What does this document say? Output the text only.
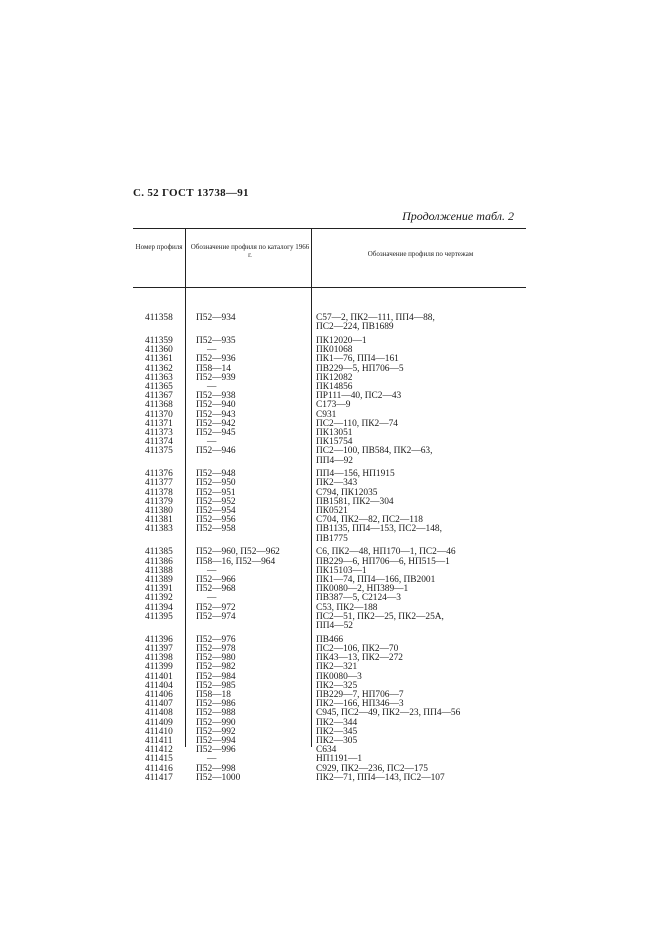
С. 52 ГОСТ 13738—91
Продолжение табл. 2
Номер профиля	Обозначение профиля по каталогу 1966 г.	Обозначение профиля по чертежам
411358	П52—934	С57—2, ПК2—111, ПП4—88,
ПС2—224, ПВ1689
411359	П52—935	ПК12020—1
411360	—	ПК01068
411361	П52—936	ПК1—76, ПП4—161
411362	П58—14	ПВ229—5, НП706—5
411363	П52—939	ПК12082
411365	—	ПК14856
411367	П52—938	ПР111—40, ПС2—43
411368	П52—940	С173—9
411370	П52—943	С931
411371	П52—942	ПС2—110, ПК2—74
411373	П52—945	ПК13051
411374	—	ПК15754
411375	П52—946	ПС2—100, ПВ584, ПК2—63,
ПП4—92
411376	П52—948	ПП4—156, НП1915
411377	П52—950	ПК2—343
411378	П52—951	С794, ПК12035
411379	П52—952	ПВ1581, ПК2—304
411380	П52—954	ПК0521
411381	П52—956	С704, ПК2—82, ПС2—118
411383	П52—958	ПВ1135, ПП4—153, ПС2—148,
ПВ1775
411385	П52—960, П52—962	С6, ПК2—48, НП170—1, ПС2—46
411386	П58—16, П52—964	ПВ229—6, НП706—6, НП515—1
411388	—	ПК15103—1
411389	П52—966	ПК1—74, ПП4—166, ПВ2001
411391	П52—968	ПК0080—2, НП389—1
411392	—	ПВ387—5, С2124—3
411394	П52—972	С53, ПК2—188
411395	П52—974	ПС2—51, ПК2—25, ПК2—25А,
ПП4—52
411396	П52—976	ПВ466
411397	П52—978	ПС2—106, ПК2—70
411398	П52—980	ПК43—13, ПК2—272
411399	П52—982	ПК2—321
411401	П52—984	ПК0080—3
411404	П52—985	ПК2—325
411406	П58—18	ПВ229—7, НП706—7
411407	П52—986	ПК2—166, НП346—3
411408	П52—988	С945, ПС2—49, ПК2—23, ПП4—56
411409	П52—990	ПК2—344
411410	П52—992	ПК2—345
411411	П52—994	ПК2—305
411412	П52—996	С634
411415	—	НП1191—1
411416	П52—998	С929, ПК2—236, ПС2—175
411417	П52—1000	ПК2—71, ПП4—143, ПС2—107
